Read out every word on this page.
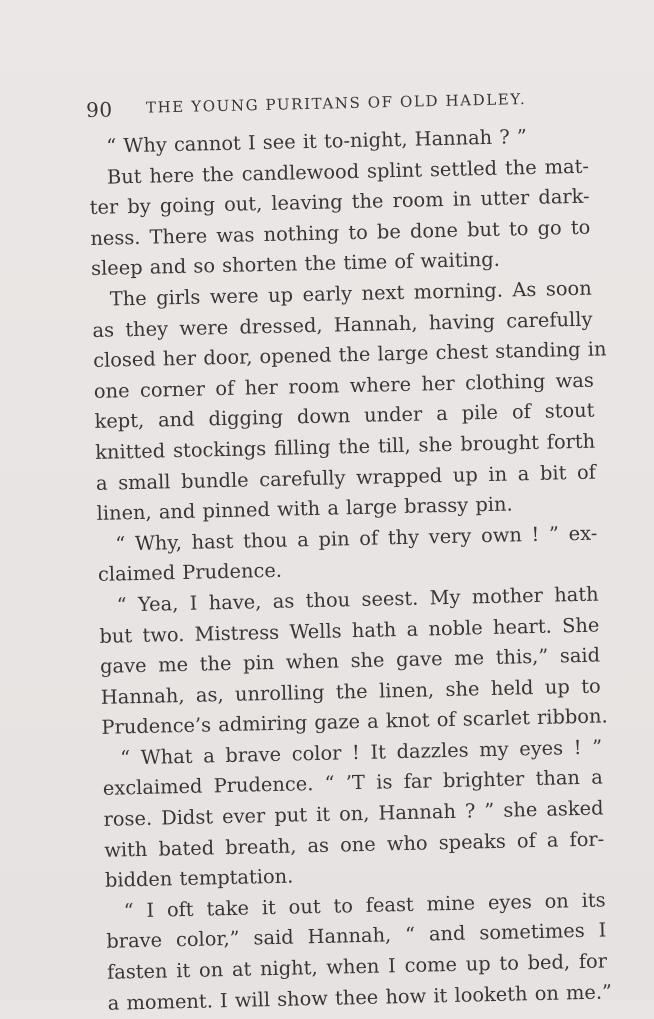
90 THE YOUNG PURITANS OF OLD HADLEY.
“ Why cannot I see it to-night, Hannah ? ”
But here the candlewood splint settled the mat-
ter by going out, leaving the room in utter dark-
ness. There was nothing to be done but to go to
sleep and so shorten the time of waiting.
The girls were up early next morning. As soon
as they were dressed, Hannah, having carefully
closed her door, opened the large chest standing in
one corner of her room where her clothing was
kept, and digging down under a pile of stout
knitted stockings filling the till, she brought forth
a small bundle carefully wrapped up in a bit of
linen, and pinned with a large brassy pin.
“ Why, hast thou a pin of thy very own ! ” ex-
claimed Prudence.
“ Yea, I have, as thou seest. My mother hath
but two. Mistress Wells hath a noble heart. She
gave me the pin when she gave me this,” said
Hannah, as, unrolling the linen, she held up to
Prudence’s admiring gaze a knot of scarlet ribbon.
“ What a brave color ! It dazzles my eyes ! ”
exclaimed Prudence. “ ’T is far brighter than a
rose. Didst ever put it on, Hannah ? ” she asked
with bated breath, as one who speaks of a for-
bidden temptation.
“ I oft take it out to feast mine eyes on its
brave color,” said Hannah, “ and sometimes I
fasten it on at night, when I come up to bed, for
a moment. I will show thee how it looketh on me.”
